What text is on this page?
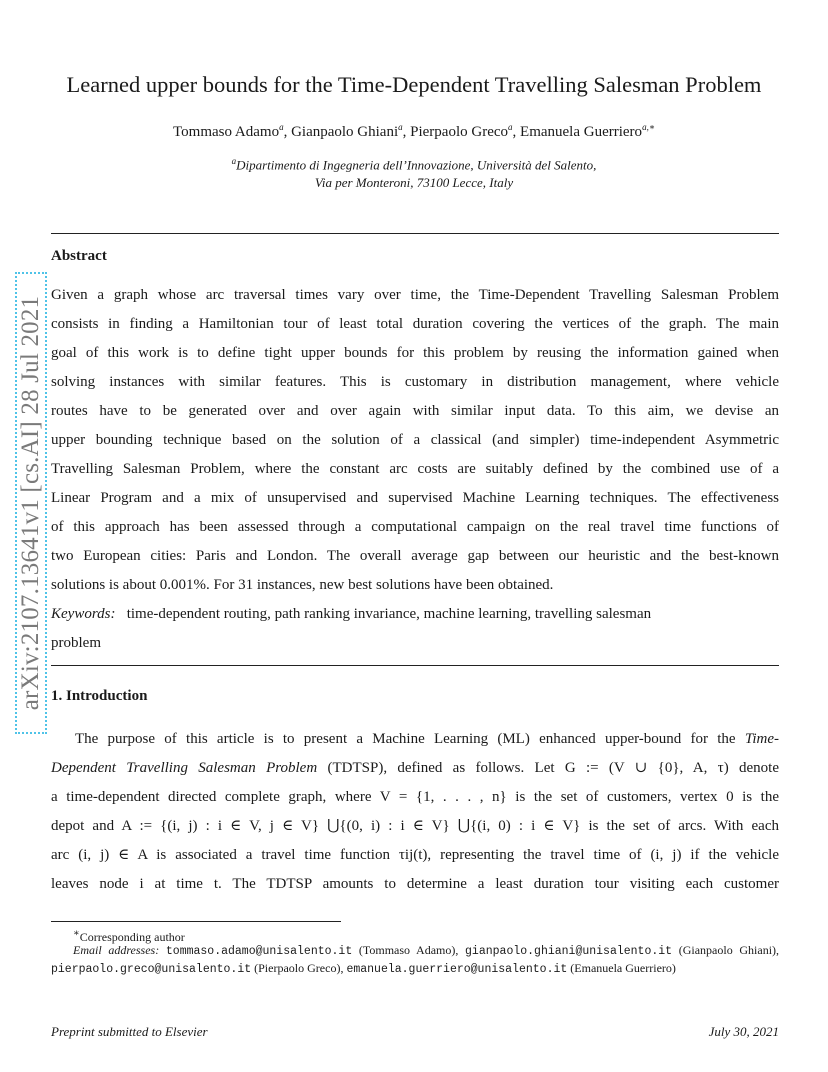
arXiv:2107.13641v1 [cs.AI] 28 Jul 2021
Learned upper bounds for the Time-Dependent Travelling Salesman Problem
Tommaso Adamo$^a$, Gianpaolo Ghiani$^a$, Pierpaolo Greco$^a$, Emanuela Guerriero$^{a,∗}$
$^a$Dipartimento di Ingegneria dell’Innovazione, Università del Salento,
Via per Monteroni, 73100 Lecce, Italy
Abstract
Given a graph whose arc traversal times vary over time, the Time-Dependent Travelling Salesman Problem
consists in finding a Hamiltonian tour of least total duration covering the vertices of the graph. The main
goal of this work is to define tight upper bounds for this problem by reusing the information gained when
solving instances with similar features. This is customary in distribution management, where vehicle
routes have to be generated over and over again with similar input data. To this aim, we devise an
upper bounding technique based on the solution of a classical (and simpler) time-independent Asymmetric
Travelling Salesman Problem, where the constant arc costs are suitably defined by the combined use of a
Linear Program and a mix of unsupervised and supervised Machine Learning techniques. The effectiveness
of this approach has been assessed through a computational campaign on the real travel time functions of
two European cities: Paris and London. The overall average gap between our heuristic and the best-known
solutions is about 0.001%. For 31 instances, new best solutions have been obtained.
Keywords: time-dependent routing, path ranking invariance, machine learning, travelling salesman
problem
1. Introduction
The purpose of this article is to present a Machine Learning (ML) enhanced upper-bound for the Time-
Dependent Travelling Salesman Problem (TDTSP), defined as follows. Let G := (V ∪ {0}, A, τ) denote
a time-dependent directed complete graph, where V = {1, . . . , n} is the set of customers, vertex 0 is the
depot and A := {(i, j) : i ∈ V, j ∈ V} ⋃{(0, i) : i ∈ V} ⋃{(i, 0) : i ∈ V} is the set of arcs. With each
arc (i, j) ∈ A is associated a travel time function τij(t), representing the travel time of (i, j) if the vehicle
leaves node i at time t. The TDTSP amounts to determine a least duration tour visiting each customer
∗Corresponding author
Email addresses: tommaso.adamo@unisalento.it (Tommaso Adamo), gianpaolo.ghiani@unisalento.it (Gianpaolo Ghiani), pierpaolo.greco@unisalento.it (Pierpaolo Greco), emanuela.guerriero@unisalento.it (Emanuela Guerriero)
Preprint submitted to Elsevier	July 30, 2021
